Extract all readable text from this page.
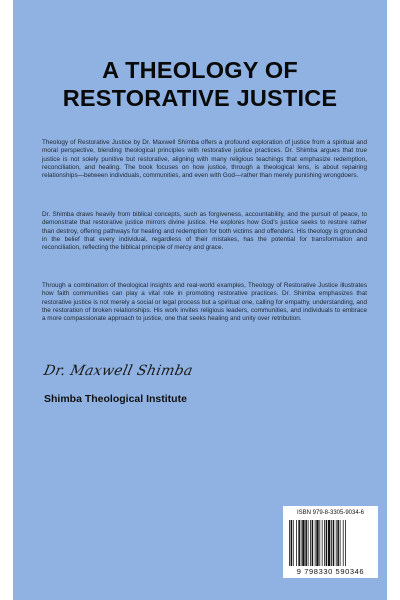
A THEOLOGY OF
RESTORATIVE JUSTICE

Theology of Restorative Justice by Dr. Maxwell Shimba offers a profound exploration of justice from a spiritual and moral perspective, blending theological principles with restorative justice practices. Dr. Shimba argues that true justice is not solely punitive but restorative, aligning with many religious teachings that emphasize redemption, reconciliation, and healing. The book focuses on how justice, through a theological lens, is about repairing relationships—between individuals, communities, and even with God—rather than merely punishing wrongdoers.

Dr. Shimba draws heavily from biblical concepts, such as forgiveness, accountability, and the pursuit of peace, to demonstrate that restorative justice mirrors divine justice. He explores how God's justice seeks to restore rather than destroy, offering pathways for healing and redemption for both victims and offenders. His theology is grounded in the belief that every individual, regardless of their mistakes, has the potential for transformation and reconciliation, reflecting the biblical principle of mercy and grace.

Through a combination of theological insights and real-world examples, Theology of Restorative Justice illustrates how faith communities can play a vital role in promoting restorative practices. Dr. Shimba emphasizes that restorative justice is not merely a social or legal process but a spiritual one, calling for empathy, understanding, and the restoration of broken relationships. His work invites religious leaders, communities, and individuals to embrace a more compassionate approach to justice, one that seeks healing and unity over retribution.

Dr. Maxwell Shimba
Shimba Theological Institute
ISBN 979-8-3305-9034-6
9 798330 590346
